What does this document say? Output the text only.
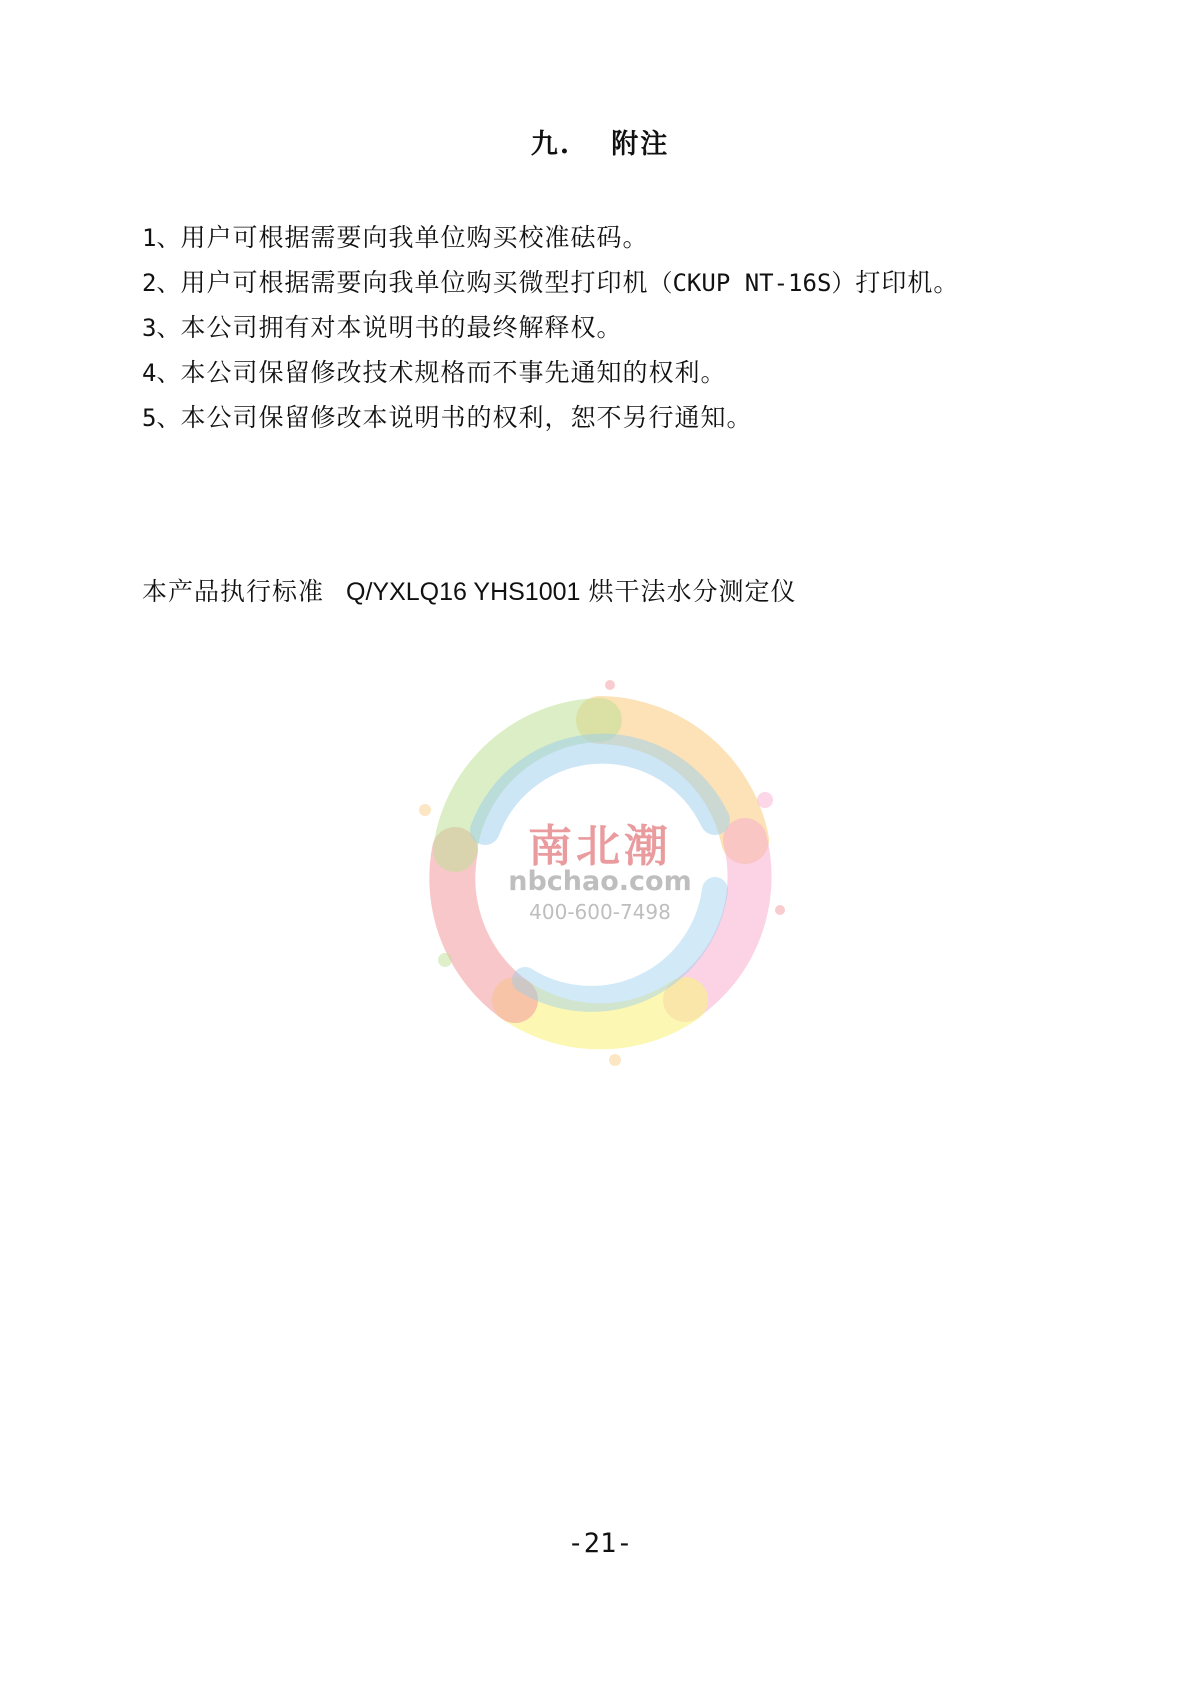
九. 附注
1、用户可根据需要向我单位购买校准砝码。
2、用户可根据需要向我单位购买微型打印机（CKUP NT-16S）打印机。
3、本公司拥有对本说明书的最终解释权。
4、本公司保留修改技术规格而不事先通知的权利。
5、本公司保留修改本说明书的权利，恕不另行通知。
本产品执行标准 Q/YXLQ16 YHS1001 烘干法水分测定仪
南北潮
nbchao.com
400-600-7498
-21-
